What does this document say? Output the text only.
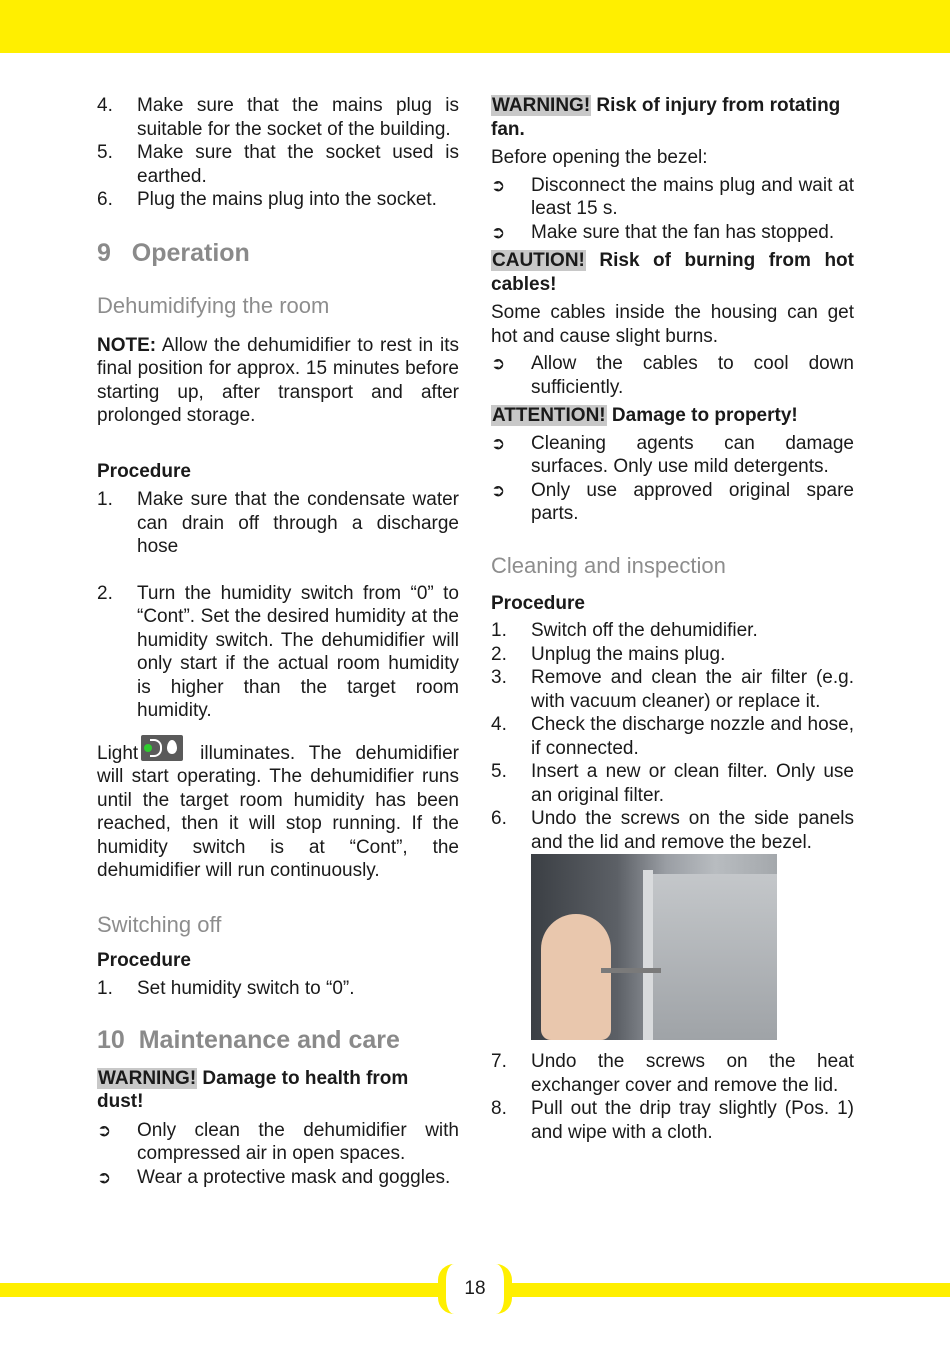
4.	Make sure that the mains plug is suitable for the socket of the building.
5.	Make sure that the socket used is earthed.
6.	Plug the mains plug into the socket.
9 Operation
Dehumidifying the room

NOTE: Allow the dehumidifier to rest in its final position for approx. 15 minutes before starting up, after transport and after prolonged storage.

Procedure

1.	Make sure that the condensate water can drain off through a discharge hose
2.	Turn the humidity switch from “0” to “Cont”. Set the desired humidity at the humidity switch. The dehumidifier will only start if the actual room humidity is higher than the target room humidity.

Light	illuminates. The dehumidifier will start operating. The dehumidifier runs until the target room humidity has been reached, then it will stop running. If the humidity switch is at “Cont”, the dehumidifier will run continuously.

Switching off

Procedure

1.	Set humidity switch to “0”.
10 Maintenance and care

WARNING! Damage to health from dust!

➲	Only clean the dehumidifier with compressed air in open spaces.
➲	Wear a protective mask and goggles.

WARNING! Risk of injury from rotating fan.

Before opening the bezel:

➲	Disconnect the mains plug and wait at least 15 s.
➲	Make sure that the fan has stopped.

CAUTION! Risk of burning from hot cables!

Some cables inside the housing can get hot and cause slight burns.

➲	Allow the cables to cool down sufficiently.

ATTENTION! Damage to property!

➲	Cleaning agents can damage surfaces. Only use mild detergents.
➲	Only use approved original spare parts.
Cleaning and inspection

Procedure

1.	Switch off the dehumidifier.
2.	Unplug the mains plug.
3.	Remove and clean the air filter (e.g. with vacuum cleaner) or replace it.
4.	Check the discharge nozzle and hose, if connected.
5.	Insert a new or clean filter. Only use an original filter.
6.	Undo the screws on the side panels and the lid and remove the bezel.
7.	Undo the screws on the heat exchanger cover and remove the lid.
8.	Pull out the drip tray slightly (Pos. 1) and wipe with a cloth.
18
